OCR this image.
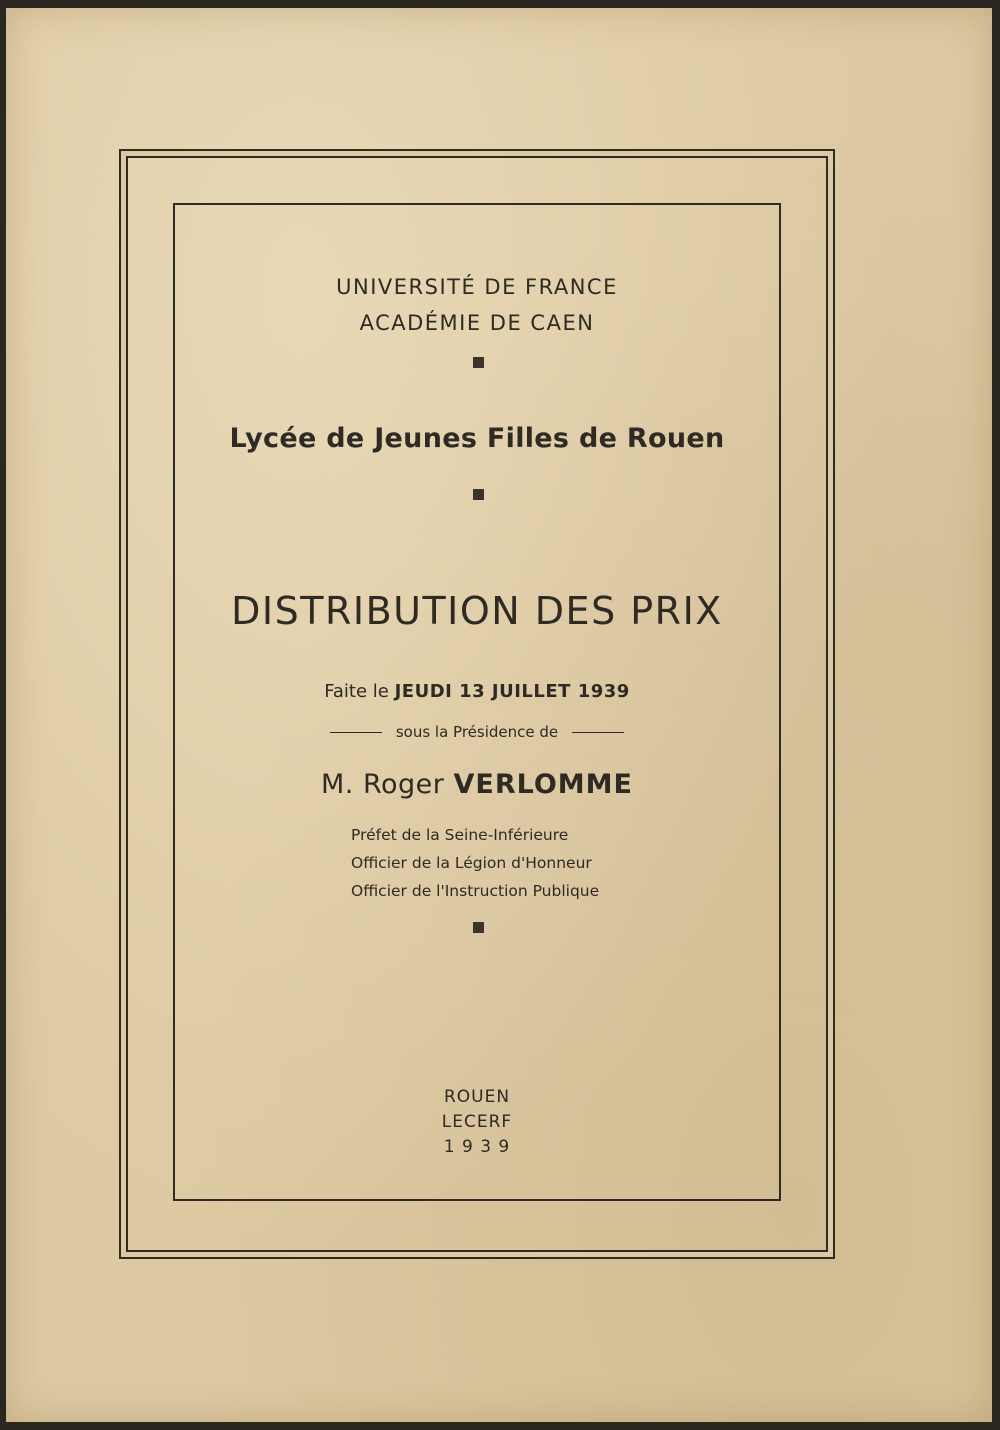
UNIVERSITÉ DE FRANCE
ACADÉMIE DE CAEN
Lycée de Jeunes Filles de Rouen
DISTRIBUTION DES PRIX
Faite le JEUDI 13 JUILLET 1939
sous la Présidence de
M. Roger VERLOMME
Préfet de la Seine-Inférieure
Officier de la Légion d'Honneur
Officier de l'Instruction Publique
ROUEN
LECERF
1 9 3 9
